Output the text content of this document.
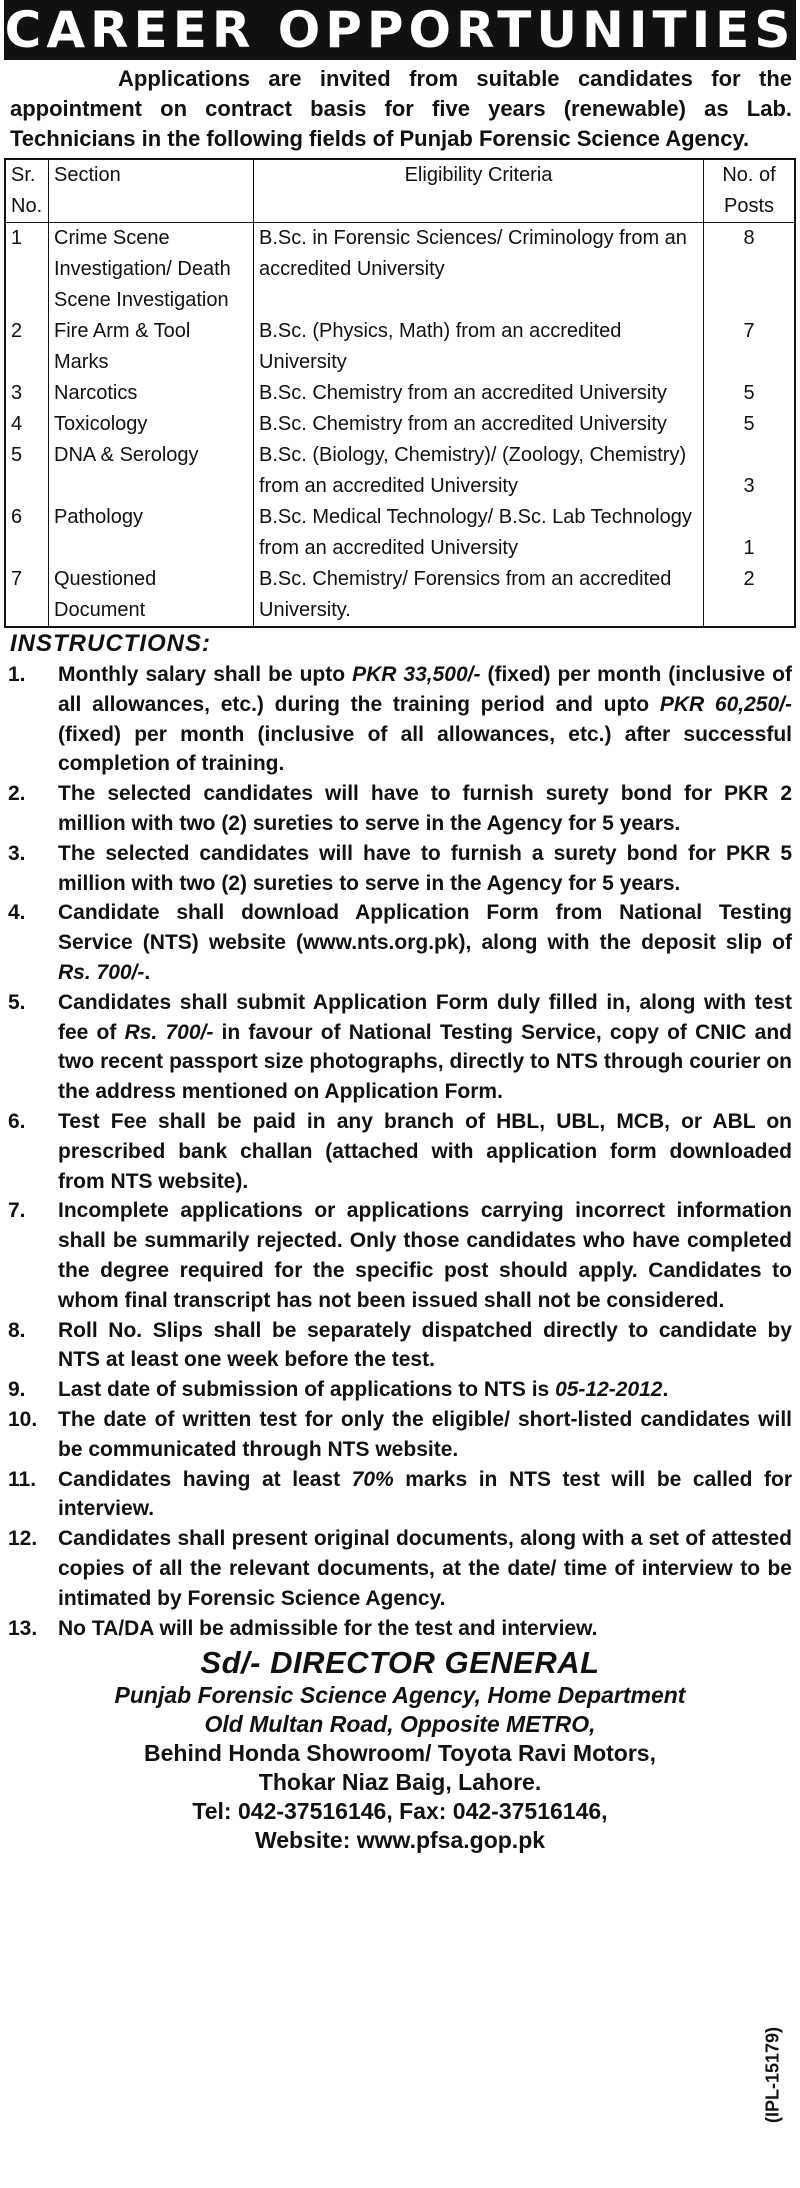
CAREER OPPORTUNITIES
Applications are invited from suitable candidates for the appointment on contract basis for five years (renewable) as Lab. Technicians in the following fields of Punjab Forensic Science Agency.
Sr. No.	Section	Eligibility Criteria	No. of Posts
1	Crime Scene Investigation/ Death Scene Investigation	B.Sc. in Forensic Sciences/ Criminology from an accredited University	8
2	Fire Arm & Tool Marks	B.Sc. (Physics, Math) from an accredited University	7
3	Narcotics	B.Sc. Chemistry from an accredited University	5
4	Toxicology	B.Sc. Chemistry from an accredited University	5
5	DNA & Serology	B.Sc. (Biology, Chemistry)/ (Zoology, Chemistry) from an accredited University	3
6	Pathology	B.Sc. Medical Technology/ B.Sc. Lab Technology from an accredited University	1
7	Questioned Document	B.Sc. Chemistry/ Forensics from an accredited University.	2
INSTRUCTIONS:
1.	Monthly salary shall be upto PKR 33,500/- (fixed) per month (inclusive of all allowances, etc.) during the training period and upto PKR 60,250/- (fixed) per month (inclusive of all allowances, etc.) after successful completion of training.
2.	The selected candidates will have to furnish surety bond for PKR 2 million with two (2) sureties to serve in the Agency for 5 years.
3.	The selected candidates will have to furnish a surety bond for PKR 5 million with two (2) sureties to serve in the Agency for 5 years.
4.	Candidate shall download Application Form from National Testing Service (NTS) website (www.nts.org.pk), along with the deposit slip of Rs. 700/-.
5.	Candidates shall submit Application Form duly filled in, along with test fee of Rs. 700/- in favour of National Testing Service, copy of CNIC and two recent passport size photographs, directly to NTS through courier on the address mentioned on Application Form.
6.	Test Fee shall be paid in any branch of HBL, UBL, MCB, or ABL on prescribed bank challan (attached with application form downloaded from NTS website).
7.	Incomplete applications or applications carrying incorrect information shall be summarily rejected. Only those candidates who have completed the degree required for the specific post should apply. Candidates to whom final transcript has not been issued shall not be considered.
8.	Roll No. Slips shall be separately dispatched directly to candidate by NTS at least one week before the test.
9.	Last date of submission of applications to NTS is 05-12-2012.
10. The date of written test for only the eligible/ short-listed candidates will be communicated through NTS website.
11.	Candidates having at least 70% marks in NTS test will be called for interview.
12. Candidates shall present original documents, along with a set of attested copies of all the relevant documents, at the date/ time of interview to be intimated by Forensic Science Agency.
13. No TA/DA will be admissible for the test and interview.
Sd/- DIRECTOR GENERAL
Punjab Forensic Science Agency, Home Department
Old Multan Road, Opposite METRO,
Behind Honda Showroom/ Toyota Ravi Motors,
Thokar Niaz Baig, Lahore.
Tel: 042-37516146, Fax: 042-37516146,
Website: www.pfsa.gop.pk
(IPL-15179)
